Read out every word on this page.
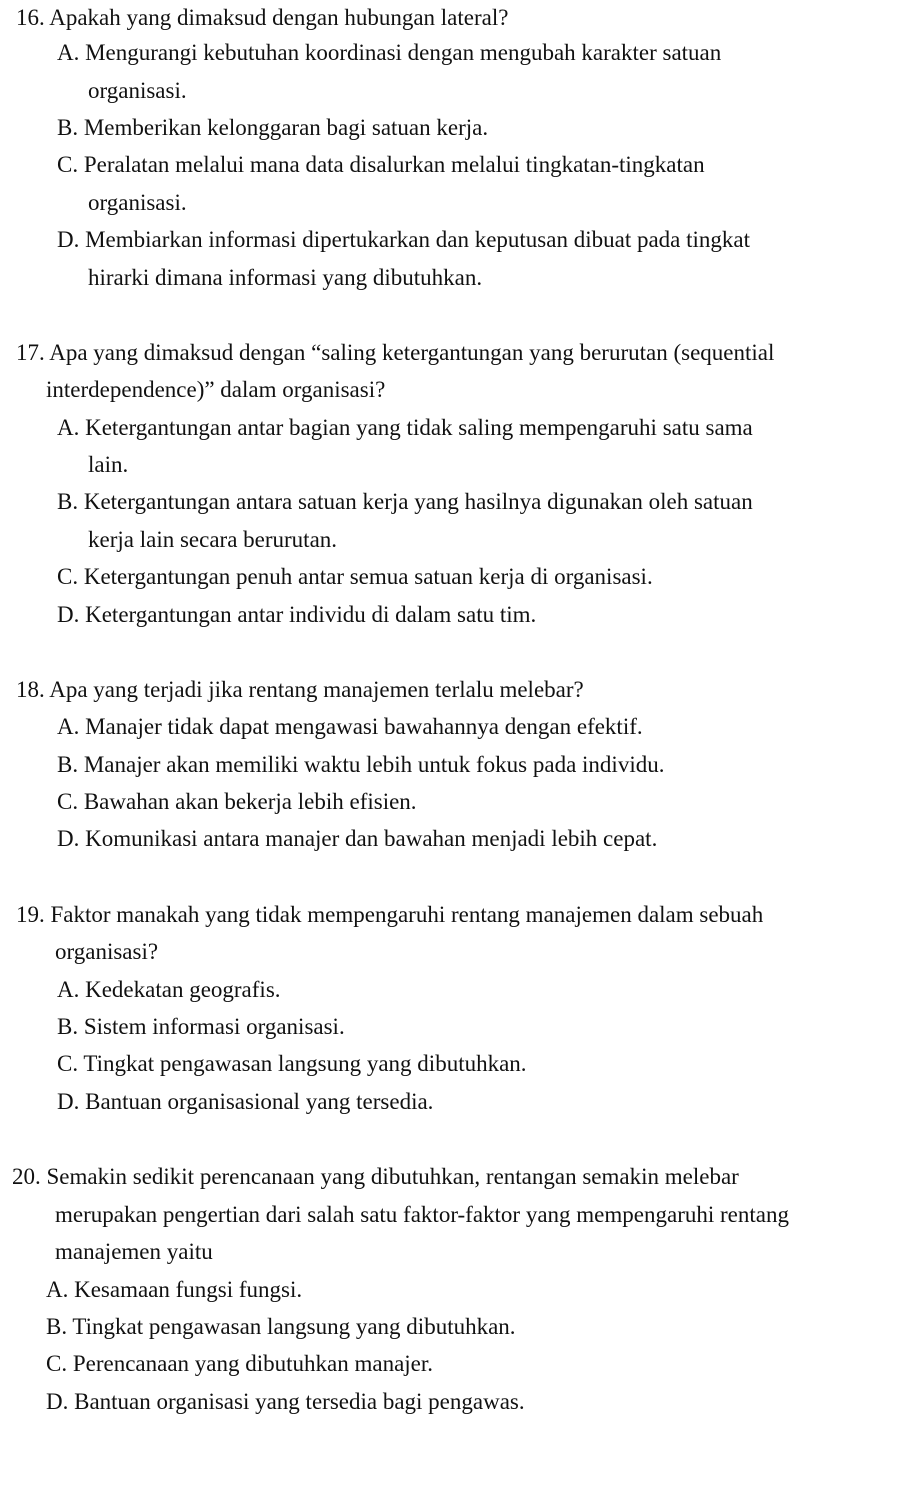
16. Apakah yang dimaksud dengan hubungan lateral?
A. Mengurangi kebutuhan koordinasi dengan mengubah karakter satuan
organisasi.
B. Memberikan kelonggaran bagi satuan kerja.
C. Peralatan melalui mana data disalurkan melalui tingkatan-tingkatan
organisasi.
D. Membiarkan informasi dipertukarkan dan keputusan dibuat pada tingkat
hirarki dimana informasi yang dibutuhkan.
17. Apa yang dimaksud dengan “saling ketergantungan yang berurutan (sequential
interdependence)” dalam organisasi?
A. Ketergantungan antar bagian yang tidak saling mempengaruhi satu sama
lain.
B. Ketergantungan antara satuan kerja yang hasilnya digunakan oleh satuan
kerja lain secara berurutan.
C. Ketergantungan penuh antar semua satuan kerja di organisasi.
D. Ketergantungan antar individu di dalam satu tim.
18. Apa yang terjadi jika rentang manajemen terlalu melebar?
A. Manajer tidak dapat mengawasi bawahannya dengan efektif.
B. Manajer akan memiliki waktu lebih untuk fokus pada individu.
C. Bawahan akan bekerja lebih efisien.
D. Komunikasi antara manajer dan bawahan menjadi lebih cepat.
19. Faktor manakah yang tidak mempengaruhi rentang manajemen dalam sebuah
organisasi?
A. Kedekatan geografis.
B. Sistem informasi organisasi.
C. Tingkat pengawasan langsung yang dibutuhkan.
D. Bantuan organisasional yang tersedia.
20. Semakin sedikit perencanaan yang dibutuhkan, rentangan semakin melebar
merupakan pengertian dari salah satu faktor-faktor yang mempengaruhi rentang
manajemen yaitu
A. Kesamaan fungsi fungsi.
B. Tingkat pengawasan langsung yang dibutuhkan.
C. Perencanaan yang dibutuhkan manajer.
D. Bantuan organisasi yang tersedia bagi pengawas.
